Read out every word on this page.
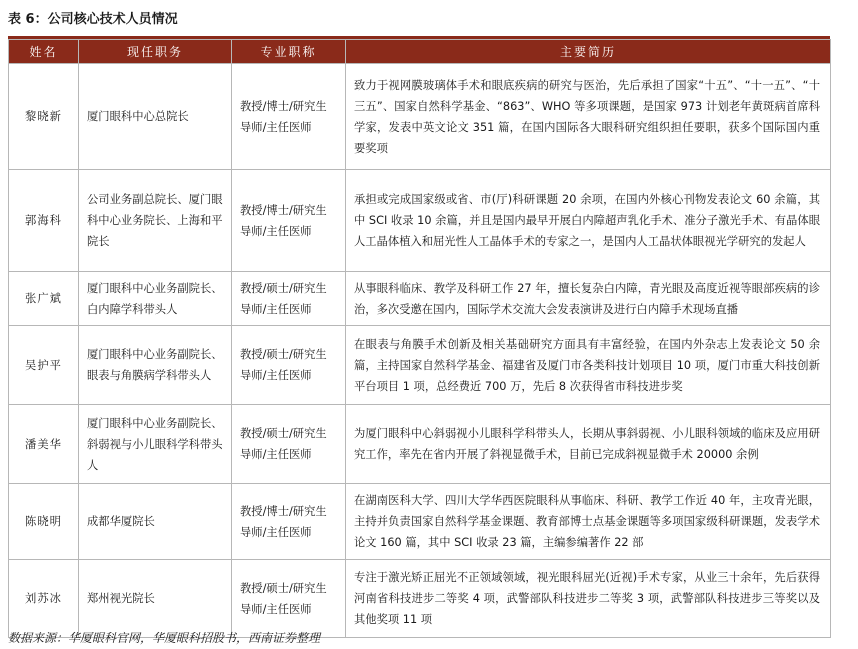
表 6：公司核心技术人员情况
姓名	现任职务	专业职称	主要简历
黎晓新	厦门眼科中心总院长	教授/博士/研究生导师/主任医师	致力于视网膜玻璃体手术和眼底疾病的研究与医治，先后承担了国家“十五”、“十一五”、“十三五”、国家自然科学基金、“863”、WHO 等多项课题，是国家 973 计划老年黄斑病首席科学家，发表中英文论文 351 篇，在国内国际各大眼科研究组织担任要职，获多个国际国内重要奖项
郭海科	公司业务副总院长、厦门眼科中心业务院长、上海和平院长	教授/博士/研究生导师/主任医师	承担或完成国家级或省、市(厅)科研课题 20 余项，在国内外核心刊物发表论文 60 余篇，其中 SCI 收录 10 余篇，并且是国内最早开展白内障超声乳化手术、准分子激光手术、有晶体眼人工晶体植入和屈光性人工晶体手术的专家之一，是国内人工晶状体眼视光学研究的发起人
张广斌	厦门眼科中心业务副院长、白内障学科带头人	教授/硕士/研究生导师/主任医师	从事眼科临床、教学及科研工作 27 年，擅长复杂白内障，青光眼及高度近视等眼部疾病的诊治，多次受邀在国内，国际学术交流大会发表演讲及进行白内障手术现场直播
吴护平	厦门眼科中心业务副院长、眼表与角膜病学科带头人	教授/硕士/研究生导师/主任医师	在眼表与角膜手术创新及相关基础研究方面具有丰富经验，在国内外杂志上发表论文 50 余篇，主持国家自然科学基金、福建省及厦门市各类科技计划项目 10 项，厦门市重大科技创新平台项目 1 项，总经费近 700 万，先后 8 次获得省市科技进步奖
潘美华	厦门眼科中心业务副院长、斜弱视与小儿眼科学科带头人	教授/硕士/研究生导师/主任医师	为厦门眼科中心斜弱视小儿眼科学科带头人，长期从事斜弱视、小儿眼科领域的临床及应用研究工作，率先在省内开展了斜视显微手术，目前已完成斜视显微手术 20000 余例
陈晓明	成都华厦院长	教授/博士/研究生导师/主任医师	在湖南医科大学、四川大学华西医院眼科从事临床、科研、教学工作近 40 年，主攻青光眼，主持并负责国家自然科学基金课题、教育部博士点基金课题等多项国家级科研课题，发表学术论文 160 篇，其中 SCI 收录 23 篇，主编参编著作 22 部
刘苏冰	郑州视光院长	教授/硕士/研究生导师/主任医师	专注于激光矫正屈光不正领域领域，视光眼科屈光(近视)手术专家，从业三十余年，先后获得河南省科技进步二等奖 4 项，武警部队科技进步二等奖 3 项，武警部队科技进步三等奖以及其他奖项 11 项
数据来源：华厦眼科官网，华厦眼科招股书，西南证券整理
